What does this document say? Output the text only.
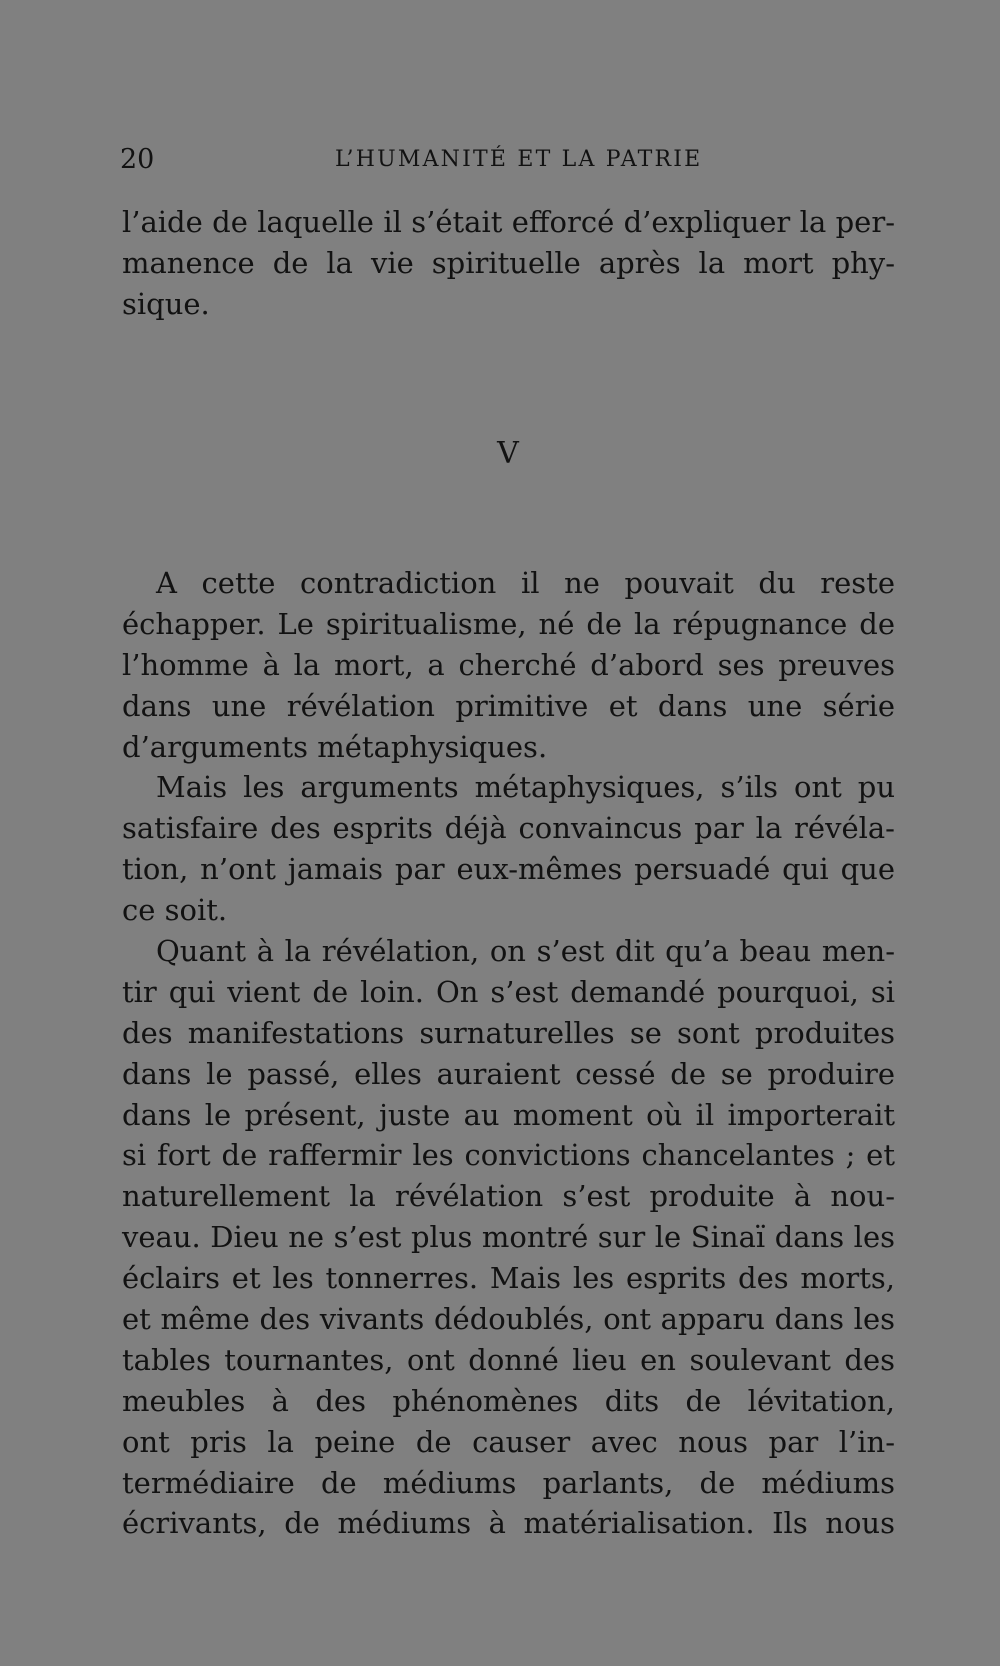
20	L’HUMANITÉ ET LA PATRIE
l’aide de laquelle il s’était efforcé d’expliquer la per-
manence de la vie spirituelle après la mort phy-
sique.
V
A cette contradiction il ne pouvait du reste
échapper. Le spiritualisme, né de la répugnance de
l’homme à la mort, a cherché d’abord ses preuves
dans une révélation primitive et dans une série
d’arguments métaphysiques.
Mais les arguments métaphysiques, s’ils ont pu
satisfaire des esprits déjà convaincus par la révéla-
tion, n’ont jamais par eux-mêmes persuadé qui que
ce soit.
Quant à la révélation, on s’est dit qu’a beau men-
tir qui vient de loin. On s’est demandé pourquoi, si
des manifestations surnaturelles se sont produites
dans le passé, elles auraient cessé de se produire
dans le présent, juste au moment où il importerait
si fort de raffermir les convictions chancelantes ; et
naturellement la révélation s’est produite à nou-
veau. Dieu ne s’est plus montré sur le Sinaï dans les
éclairs et les tonnerres. Mais les esprits des morts,
et même des vivants dédoublés, ont apparu dans les
tables tournantes, ont donné lieu en soulevant des
meubles à des phénomènes dits de lévitation,
ont pris la peine de causer avec nous par l’in-
termédiaire de médiums parlants, de médiums
écrivants, de médiums à matérialisation. Ils nous
